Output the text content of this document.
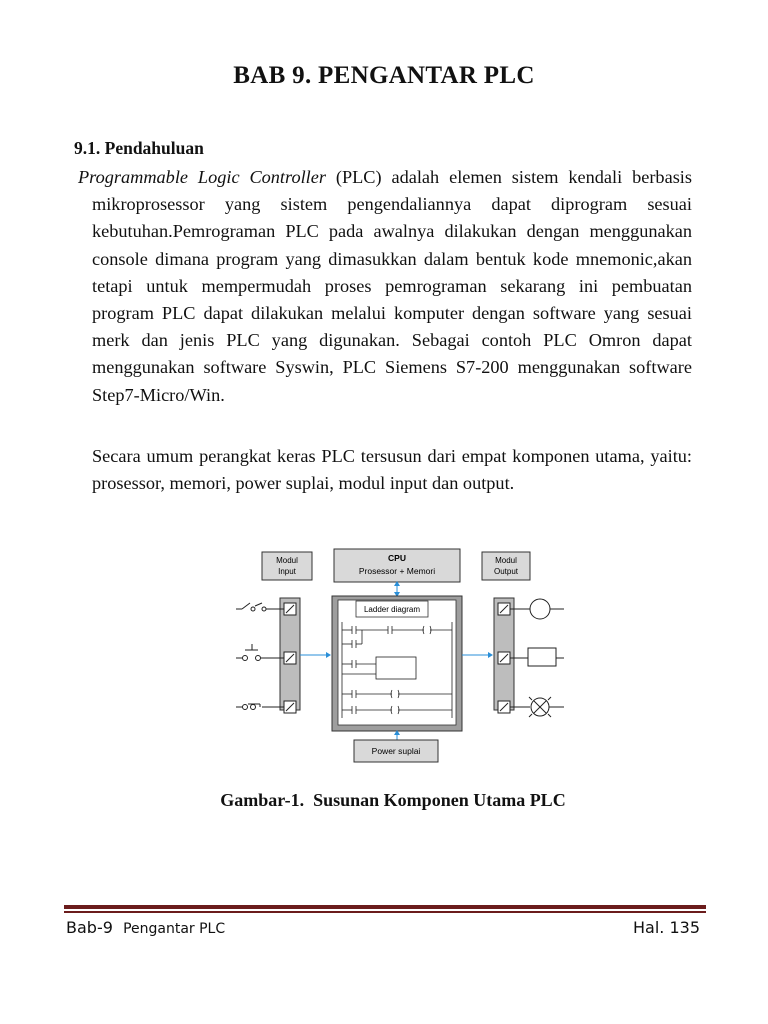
BAB 9. PENGANTAR PLC
9.1. Pendahuluan
Programmable Logic Controller (PLC) adalah elemen sistem kendali berbasis mikroprosessor yang sistem pengendaliannya dapat diprogram sesuai kebutuhan.Pemrograman PLC pada awalnya dilakukan dengan menggunakan console dimana program yang dimasukkan dalam bentuk kode mnemonic,akan tetapi untuk mempermudah proses pemrograman sekarang ini pembuatan program PLC dapat dilakukan melalui komputer dengan software yang sesuai merk dan jenis PLC yang digunakan. Sebagai contoh PLC Omron dapat menggunakan software Syswin, PLC Siemens S7-200 menggunakan software Step7-Micro/Win.
Secara umum perangkat keras PLC tersusun dari empat komponen utama, yaitu: prosessor, memori, power suplai, modul input dan output.
Modul
Input
CPU
Prosessor + Memori
Modul
Output
Ladder diagram
Power suplai
Gambar-1.  Susunan Komponen Utama PLC
Bab-9 Pengantar PLC	Hal. 135
